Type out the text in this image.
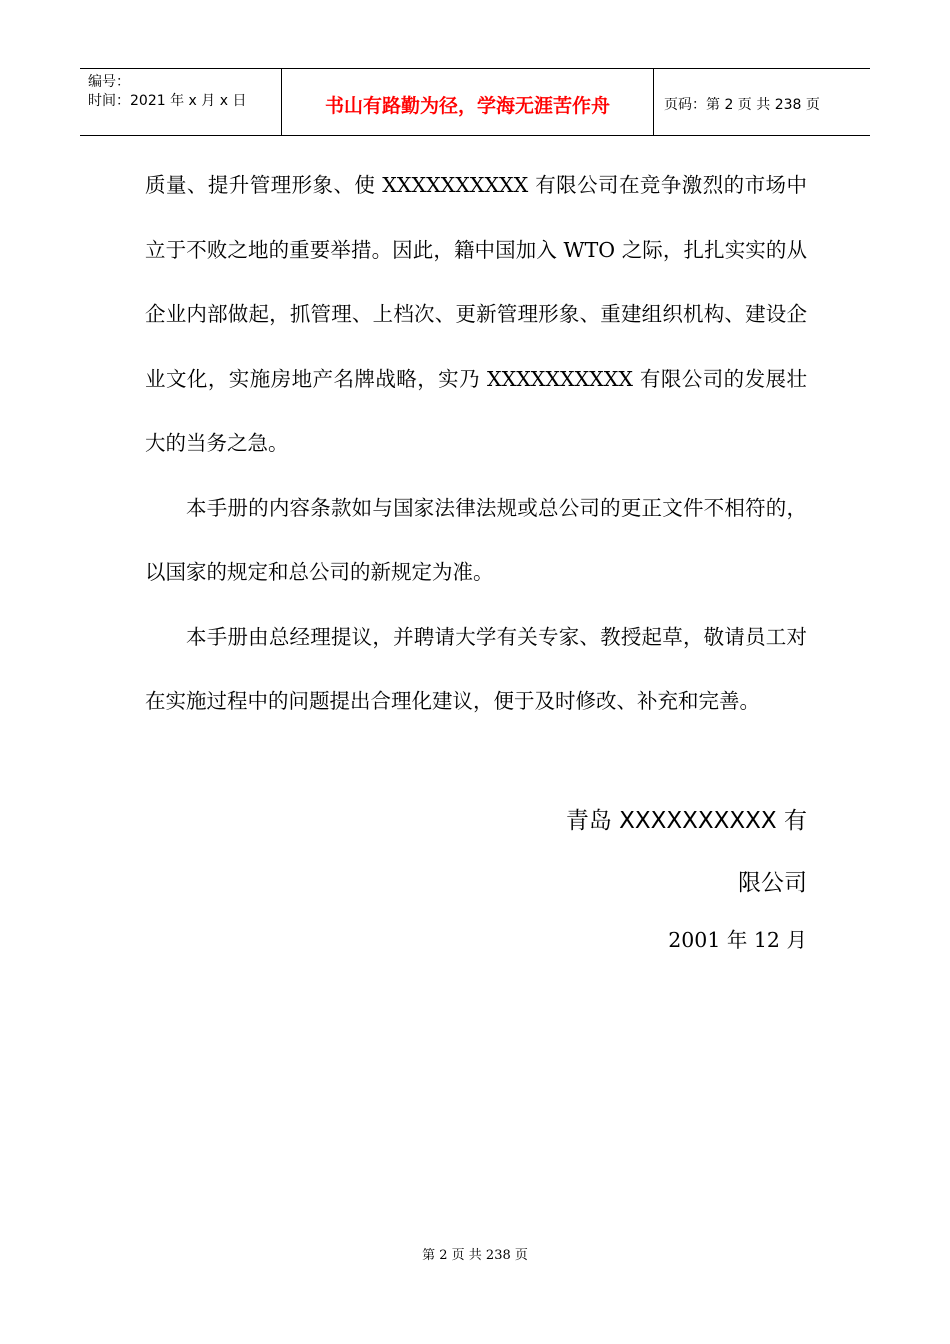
编号：
时间：2021 年 x 月 x 日	书山有路勤为径，学海无涯苦作舟	页码：第 2 页 共 238 页

质量、提升管理形象、使 XXXXXXXXXX 有限公司在竞争激烈的市场中立于不败之地的重要举措。因此，籍中国加入 WTO 之际，扎扎实实的从企业内部做起，抓管理、上档次、更新管理形象、重建组织机构、建设企业文化，实施房地产名牌战略，实乃 XXXXXXXXXX 有限公司的发展壮大的当务之急。

本手册的内容条款如与国家法律法规或总公司的更正文件不相符的，以国家的规定和总公司的新规定为准。

本手册由总经理提议，并聘请大学有关专家、教授起草，敬请员工对在实施过程中的问题提出合理化建议，便于及时修改、补充和完善。

青岛 XXXXXXXXXX 有限公司
2001 年 12 月
第 2 页 共 238 页
